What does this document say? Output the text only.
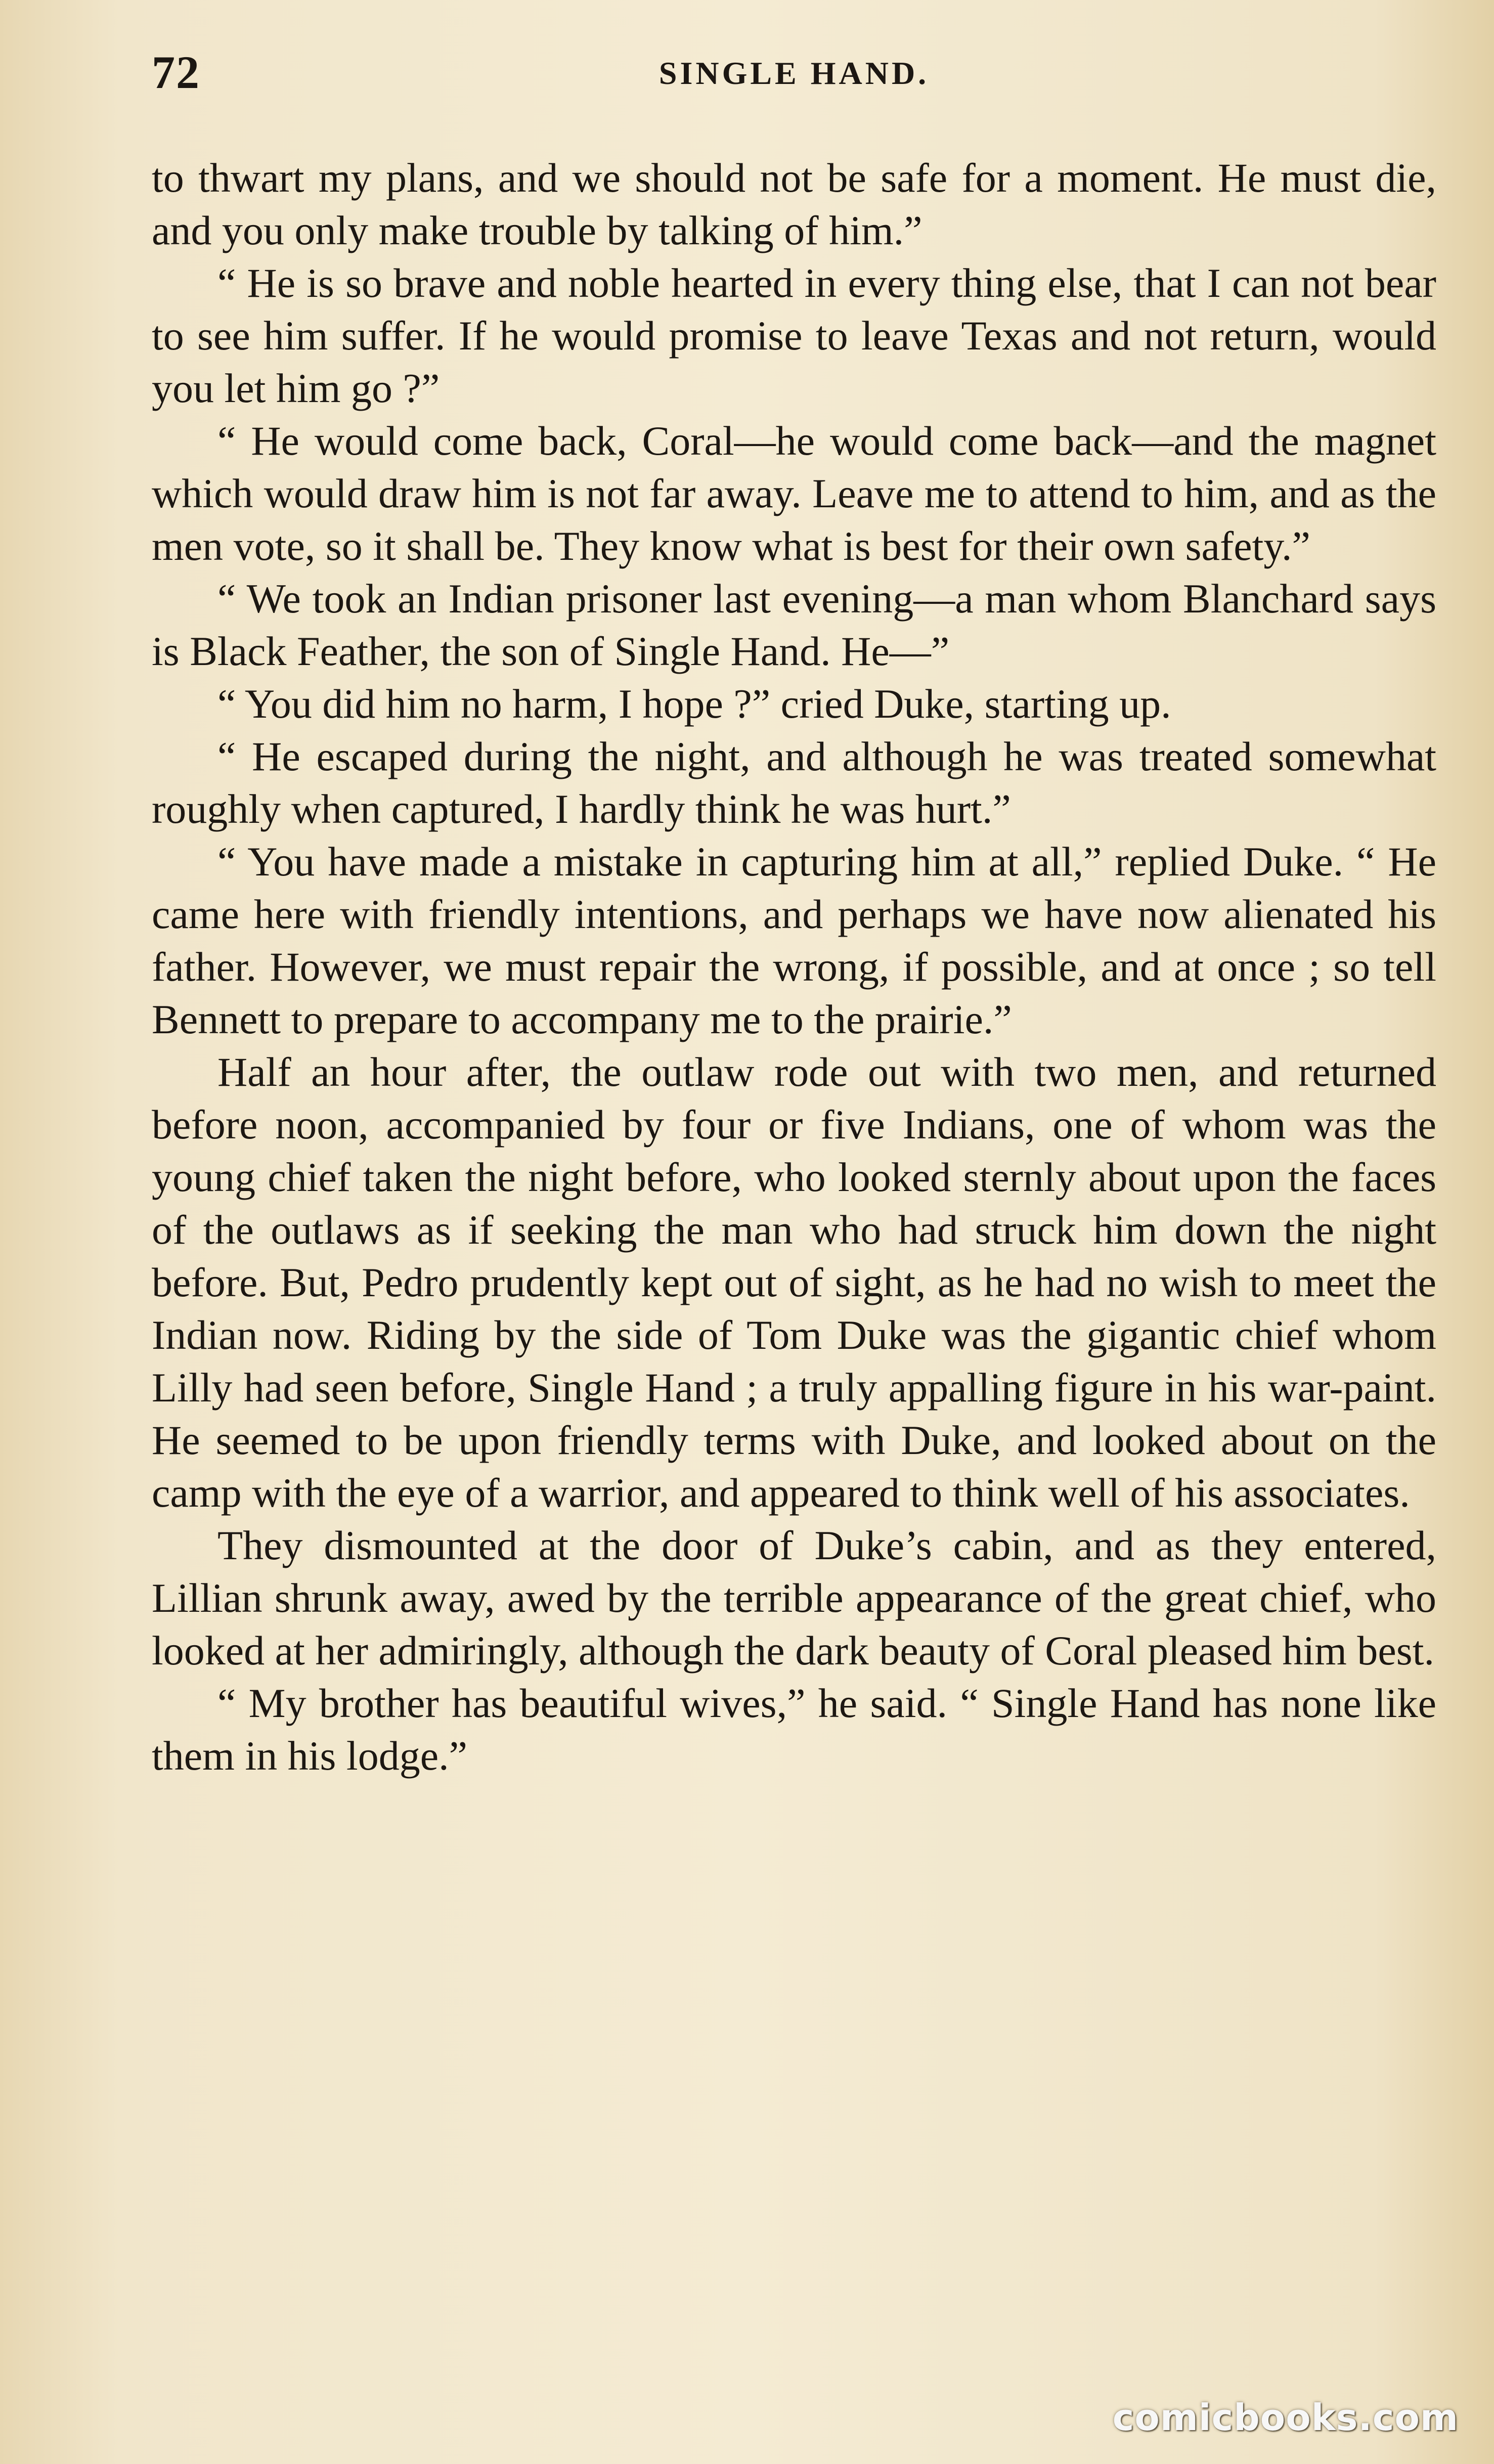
72	SINGLE HAND.

to thwart my plans, and we should not be safe for a moment. He must die, and you only make trouble by talking of him.”

“ He is so brave and noble hearted in every thing else, that I can not bear to see him suffer. If he would promise to leave Texas and not return, would you let him go ?”

“ He would come back, Coral—he would come back—and the magnet which would draw him is not far away. Leave me to attend to him, and as the men vote, so it shall be. They know what is best for their own safety.”

“ We took an Indian prisoner last evening—a man whom Blanchard says is Black Feather, the son of Single Hand. He—”

“ You did him no harm, I hope ?” cried Duke, starting up.

“ He escaped during the night, and although he was treated somewhat roughly when captured, I hardly think he was hurt.”

“ You have made a mistake in capturing him at all,” replied Duke. “ He came here with friendly intentions, and perhaps we have now alienated his father. However, we must repair the wrong, if possible, and at once ; so tell Bennett to prepare to accompany me to the prairie.”

Half an hour after, the outlaw rode out with two men, and returned before noon, accompanied by four or five Indians, one of whom was the young chief taken the night before, who looked sternly about upon the faces of the outlaws as if seeking the man who had struck him down the night before. But, Pedro prudently kept out of sight, as he had no wish to meet the Indian now. Riding by the side of Tom Duke was the gigantic chief whom Lilly had seen before, Single Hand ; a truly appalling figure in his war-paint. He seemed to be upon friendly terms with Duke, and looked about on the camp with the eye of a warrior, and appeared to think well of his associates.

They dismounted at the door of Duke’s cabin, and as they entered, Lillian shrunk away, awed by the terrible appearance of the great chief, who looked at her admiringly, although the dark beauty of Coral pleased him best.

“ My brother has beautiful wives,” he said. “ Single Hand has none like them in his lodge.”

comicbooks.com
